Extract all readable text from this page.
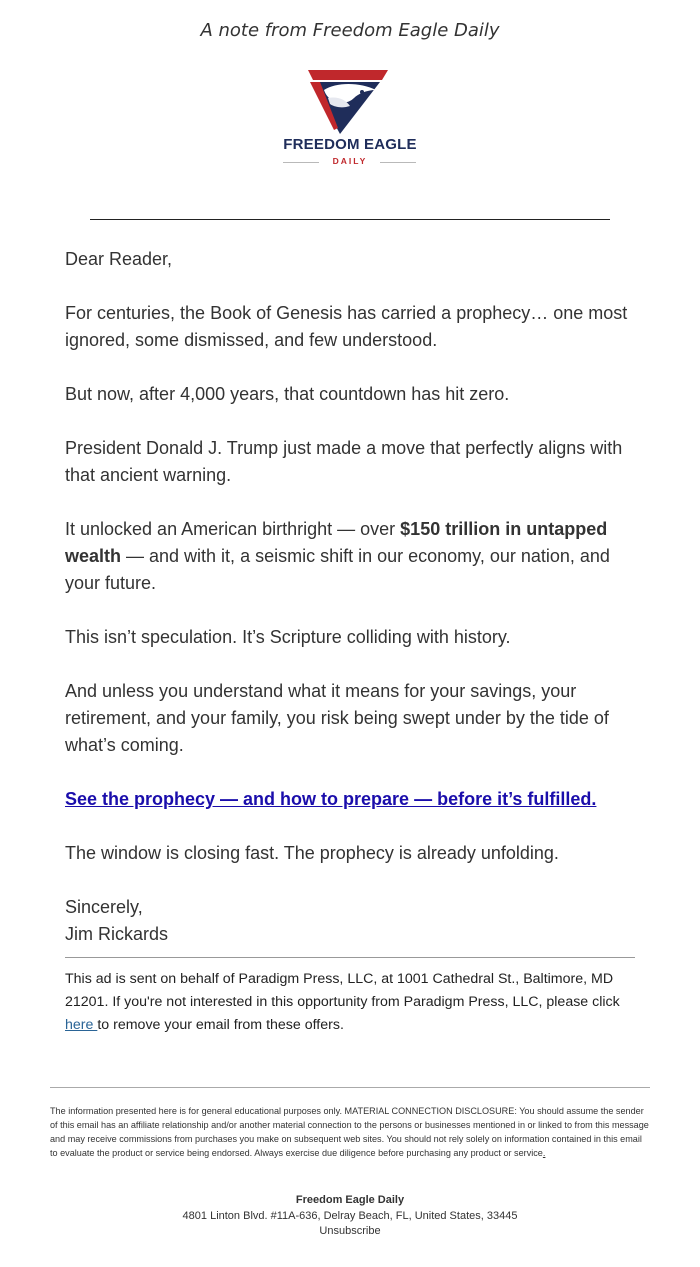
A note from Freedom Eagle Daily
FREEDOM EAGLE
DAILY

Dear Reader,

For centuries, the Book of Genesis has carried a prophecy… one most ignored, some dismissed, and few understood.

But now, after 4,000 years, that countdown has hit zero.

President Donald J. Trump just made a move that perfectly aligns with that ancient warning.

It unlocked an American birthright — over $150 trillion in untapped wealth — and with it, a seismic shift in our economy, our nation, and your future.

This isn’t speculation. It’s Scripture colliding with history.

And unless you understand what it means for your savings, your retirement, and your family, you risk being swept under by the tide of what’s coming.

See the prophecy — and how to prepare — before it’s fulfilled.

The window is closing fast. The prophecy is already unfolding.

Sincerely,

Jim Rickards

This ad is sent on behalf of Paradigm Press, LLC, at 1001 Cathedral St., Baltimore, MD 21201. If you're not interested in this opportunity from Paradigm Press, LLC, please click here to remove your email from these offers.
The information presented here is for general educational purposes only. MATERIAL CONNECTION DISCLOSURE: You should assume the sender of this email has an affiliate relationship and/or another material connection to the persons or businesses mentioned in or linked to from this message and may receive commissions from purchases you make on subsequent web sites. You should not rely solely on information contained in this email to evaluate the product or service being endorsed. Always exercise due diligence before purchasing any product or service.
Freedom Eagle Daily
4801 Linton Blvd. #11A-636, Delray Beach, FL, United States, 33445
Unsubscribe
